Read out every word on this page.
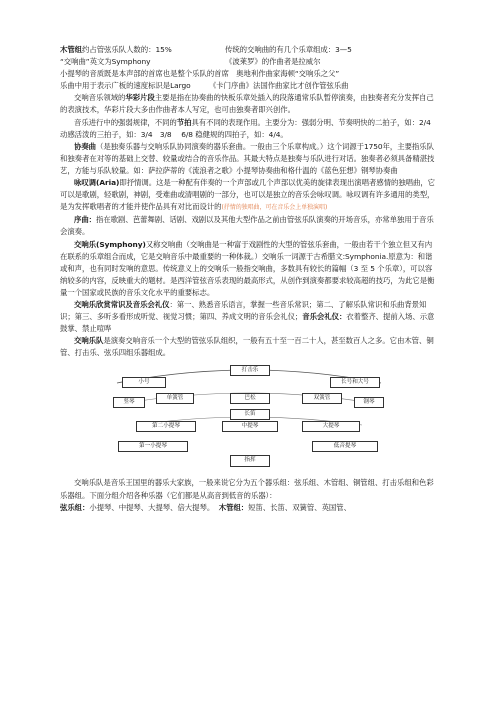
木管组约占管弦乐队人数的：15%	传统的交响曲的有几个乐章组成：3—5
“交响曲”英文为Symphony	《波莱罗》的作曲者是拉威尔
小提琴的音质既是本声部的首席也是整个乐队的首席　奥地利作曲家海顿“交响乐之父”
乐曲中用于表示广板的速度标识是Largo　　　《卡门序曲》法国作曲家比才创作管弦乐曲
交响音乐领域的华彩片段主要是指在协奏曲的快板乐章处插入的段落通常乐队暂停演奏，由独奏者充分发挥自己的表演技术，华彩片段大多由作曲者本人写定，也可由独奏者即兴创作。
音乐进行中的强弱规律，不同的节拍具有不同的表现作用。主要分为：强弱分明、节奏明快的二拍子，如：2/4 动感活泼的三拍子，如：3/4　3/8　 6/8 稳健规的四拍子，如：4/4。
协奏曲（是独奏乐器与交响乐队协同演奏的器乐套曲。一般由三个乐章构成。）这个词源于1750年，主要指乐队和独奏者在对等的基础上交替、较量或结合的音乐作品。其最大特点是独奏与乐队进行对话。独奏者必须具备精湛技艺，方能与乐队较量。如：萨拉萨蒂的《流浪者之歌》小提琴协奏曲和格什温的《蓝色狂想》钢琴协奏曲
咏叹调(Aria)即抒情调。这是一种配有伴奏的一个声部或几个声部以优美的旋律表现出演唱者感情的独唱曲，它可以是歌剧，轻歌剧，神剧，受难曲或清唱剧的一部分，也可以是独立的音乐会咏叹调。咏叹调有许多通用的类型，是为发挥歌唱者的才能并使作品具有对比而设计的(抒情的独唱曲，可在音乐会上单独演唱)
序曲：指在歌剧、芭蕾舞剧、话剧、戏剧以及其他大型作品之前由管弦乐队演奏的开场音乐，亦常单独用于音乐会演奏。
交响乐(Symphony)又称交响曲（交响曲是一种富于戏剧性的大型的管弦乐套曲，一般由若干个独立但又有内在联系的乐章组合而成，它是交响音乐中最重要的一种体裁。）交响乐一词源于古希腊文:Symphonia.原意为：和谐或和声，也有同时发响的意思。传统意义上的交响乐一般指交响曲，多数具有较长的篇幅（3 至 5 个乐章），可以容纳较多的内容，反映重大的题材。是西洋管弦音乐表现的最高形式，从创作到演奏都要求较高超的技巧，为此它是衡量一个国家或民族的音乐文化水平的重要标志。
交响乐欣赏常识及音乐会礼仪：第一、熟悉音乐语言，掌握一些音乐常识；第二、了解乐队常识和乐曲背景知识；第三、多听多看形成听觉、视觉习惯；第四、养成文明的音乐会礼仪；音乐会礼仪：衣着整齐、提前入场、示意鼓掌、禁止喧哗
交响乐队是演奏交响音乐一个大型的管弦乐队组织，一般有五十至一百二十人，甚至数百人之多。它由木管、铜管、打击乐、弦乐四组乐器组成。
打击乐
小号	长号和大号
单簧管	巴松	双簧管
竖琴	钢琴
长笛
第二小提琴	中提琴	大提琴
第一小提琴	低音提琴
指挥
交响乐队是音乐王国里的器乐大家族，一般来说它分为五个器乐组：弦乐组、木管组、铜管组、打击乐组和色彩乐器组。下面分组介绍各种乐器（它们都是从高音到低音的乐器）：
弦乐组：小提琴、中提琴、大提琴、倍大提琴。 木管组：短笛、长笛、双簧管、英国管、
